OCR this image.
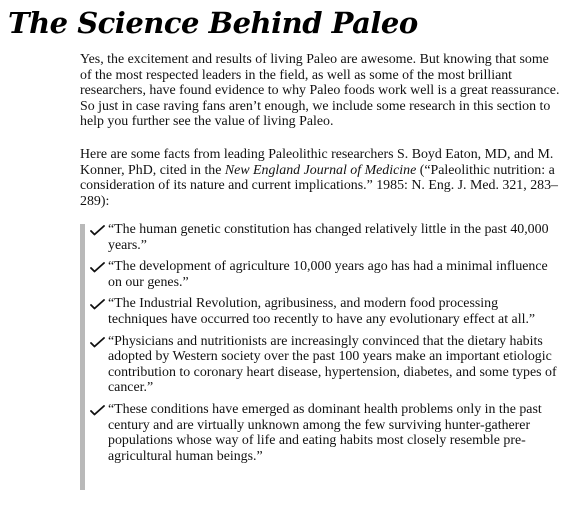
The Science Behind Paleo

Yes, the excitement and results of living Paleo are awesome. But knowing that some of the most respected leaders in the field, as well as some of the most brilliant researchers, have found evidence to why Paleo foods work well is a great reassurance. So just in case raving fans aren’t enough, we include some research in this section to help you further see the value of living Paleo.

Here are some facts from leading Paleolithic researchers S. Boyd Eaton, MD, and M. Konner, PhD, cited in the New England Journal of Medicine (“Paleolithic nutrition: a consideration of its nature and current implications.” 1985: N. Eng. J. Med. 321, 283–289):

“The human genetic constitution has changed relatively little in the past 40,000 years.”
“The development of agriculture 10,000 years ago has had a minimal influence on our genes.”
“The Industrial Revolution, agribusiness, and modern food processing techniques have occurred too recently to have any evolutionary effect at all.”
“Physicians and nutritionists are increasingly convinced that the dietary habits adopted by Western society over the past 100 years make an important etiologic contribution to coronary heart disease, hypertension, diabetes, and some types of cancer.”
“These conditions have emerged as dominant health problems only in the past century and are virtually unknown among the few surviving hunter-gatherer populations whose way of life and eating habits most closely resemble pre-agricultural human beings.”
